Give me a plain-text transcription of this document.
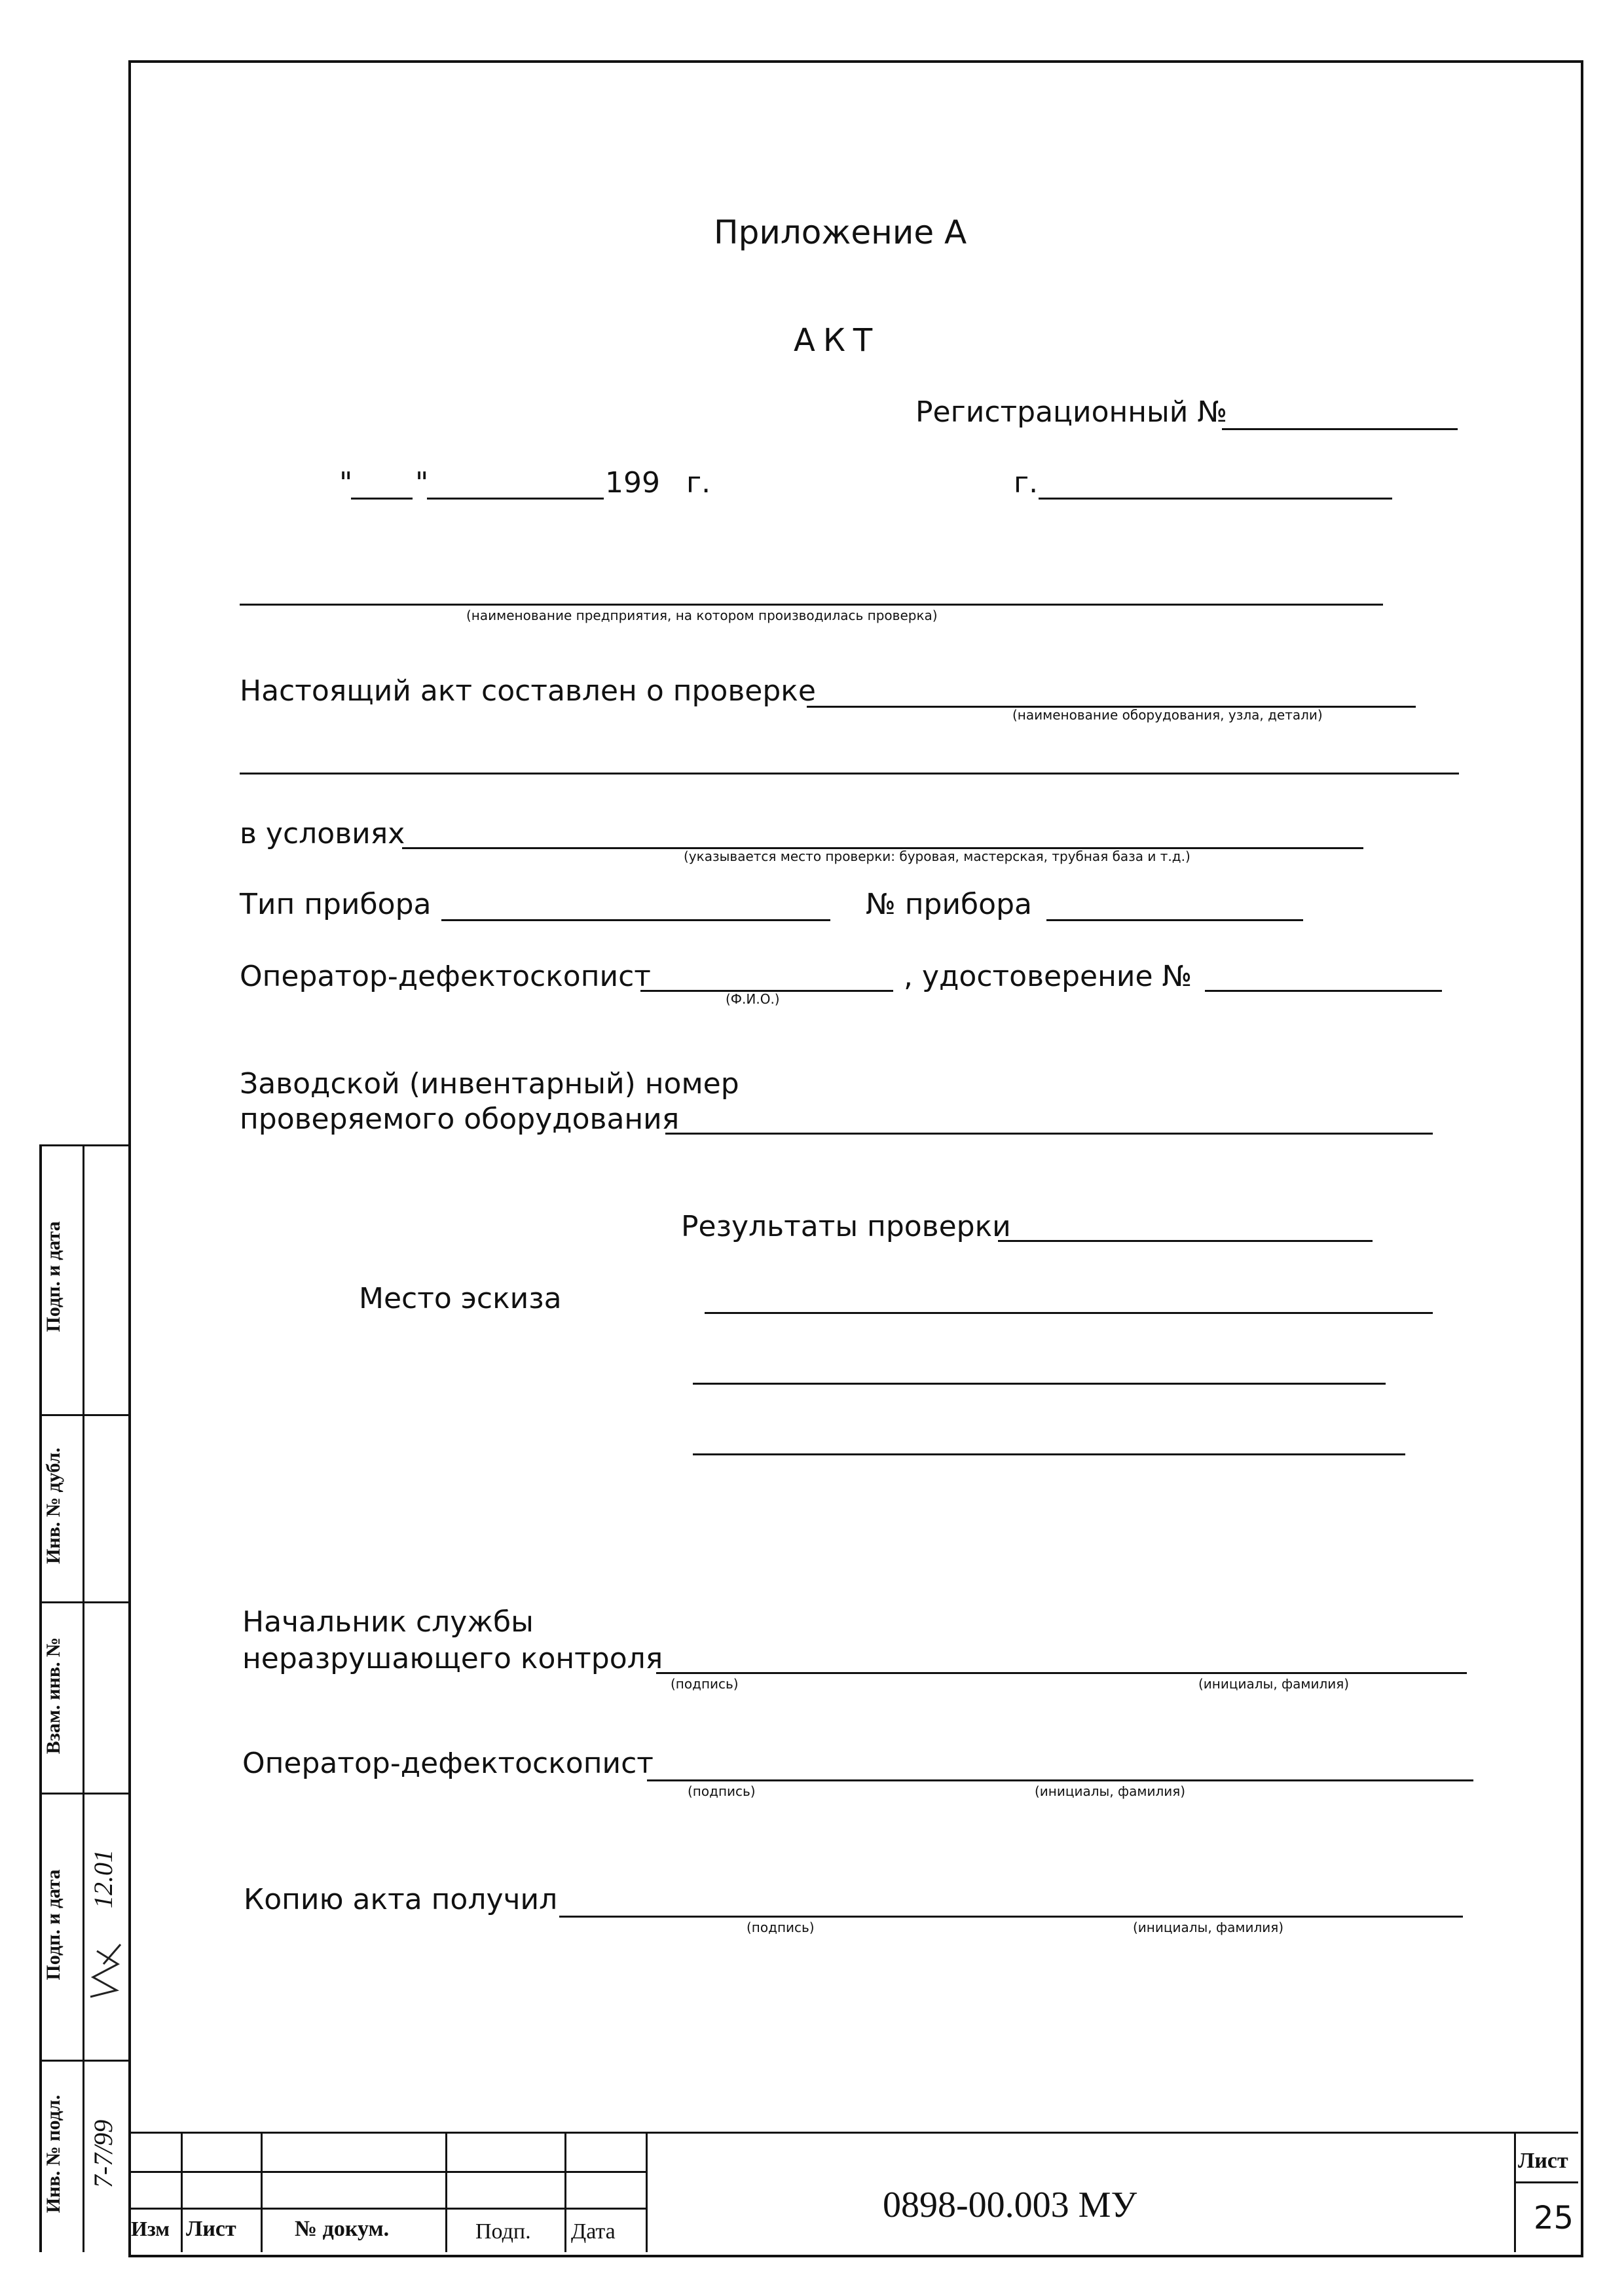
Приложение А
АКТ
Регистрационный №
" "	199 г.	г.
(наименование предприятия, на котором производилась проверка)
Настоящий акт составлен о проверке
(наименование оборудования, узла, детали)
в условиях
(указывается место проверки: буровая, мастерская, трубная база и т.д.)
Тип прибора	№ прибора
Оператор-дефектоскопист
(Ф.И.О.)
, удостоверение №
Заводской (инвентарный) номер
проверяемого оборудования
Результаты проверки
Место эскиза
Начальник службы
неразрушающего контроля
(подпись)	(инициалы, фамилия)
Оператор-дефектоскопист
(подпись)	(инициалы, фамилия)
Копию акта получил
(подпись)	(инициалы, фамилия)
Подп. и дата
Инв. № дубл.
Взам. инв. №
Подп. и дата
Инв. № подл.
12.01
7-7/99
Изм Лист	№ докум.	Подп. Дата
0898-00.003 МУ
Лист
25
